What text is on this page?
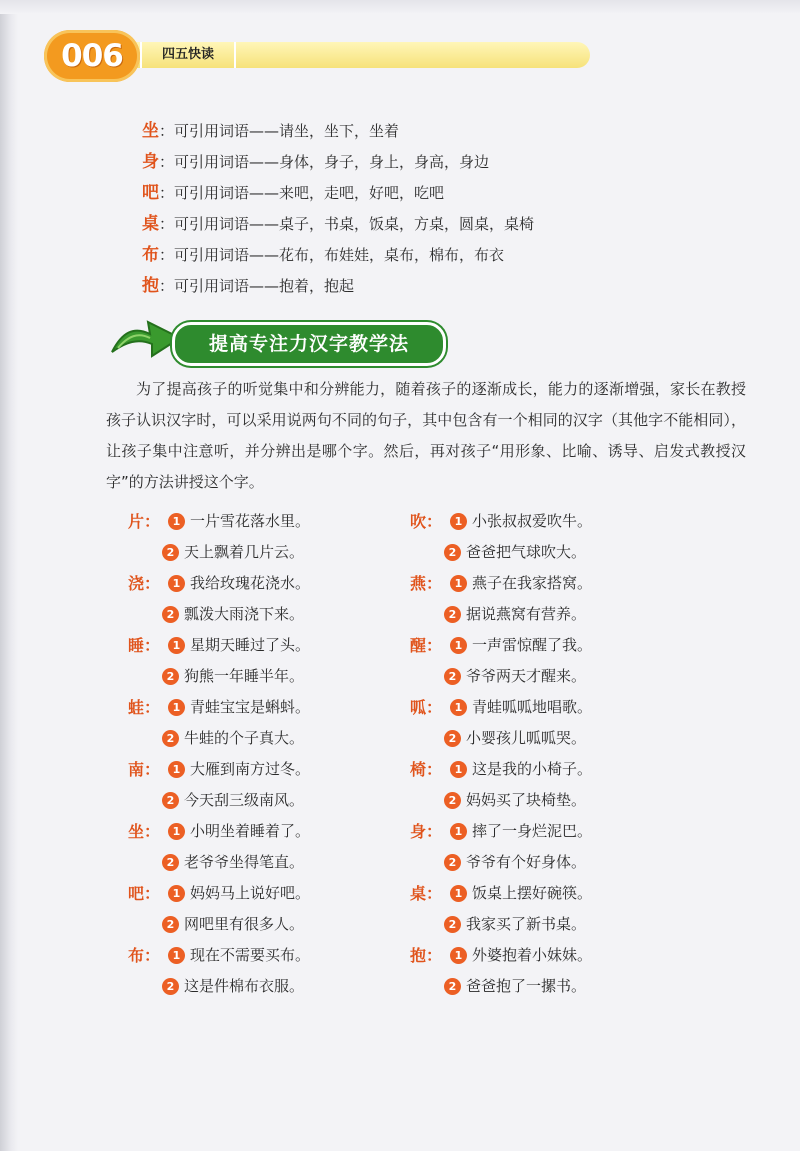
006	四五快读
坐：可引用词语——请坐，坐下，坐着
身：可引用词语——身体，身子，身上，身高，身边
吧：可引用词语——来吧，走吧，好吧，吃吧
桌：可引用词语——桌子，书桌，饭桌，方桌，圆桌，桌椅
布：可引用词语——花布，布娃娃，桌布，棉布，布衣
抱：可引用词语——抱着，抱起
提高专注力汉字教学法

为了提高孩子的听觉集中和分辨能力，随着孩子的逐渐成长，能力的逐渐增强，家长在教授孩子认识汉字时，可以采用说两句不同的句子，其中包含有一个相同的汉字（其他字不能相同），让孩子集中注意听，并分辨出是哪个字。然后，再对孩子“用形象、比喻、诱导、启发式教授汉字”的方法讲授这个字。

片：	1 一片雪花落水里。
2 天上飘着几片云。
浇：	1 我给玫瑰花浇水。
2 瓢泼大雨浇下来。
睡：	1 星期天睡过了头。
2 狗熊一年睡半年。
蛙：	1 青蛙宝宝是蝌蚪。
2 牛蛙的个子真大。
南：	1 大雁到南方过冬。
2 今天刮三级南风。
坐：	1 小明坐着睡着了。
2 老爷爷坐得笔直。
吧：	1 妈妈马上说好吧。
2 网吧里有很多人。
布：	1 现在不需要买布。
2 这是件棉布衣服。
吹：	1 小张叔叔爱吹牛。
2 爸爸把气球吹大。
燕：	1 燕子在我家搭窝。
2 据说燕窝有营养。
醒：	1 一声雷惊醒了我。
2 爷爷两天才醒来。
呱：	1 青蛙呱呱地唱歌。
2 小婴孩儿呱呱哭。
椅：	1 这是我的小椅子。
2 妈妈买了块椅垫。
身：	1 摔了一身烂泥巴。
2 爷爷有个好身体。
桌：	1 饭桌上摆好碗筷。
2 我家买了新书桌。
抱：	1 外婆抱着小妹妹。
2 爸爸抱了一摞书。
